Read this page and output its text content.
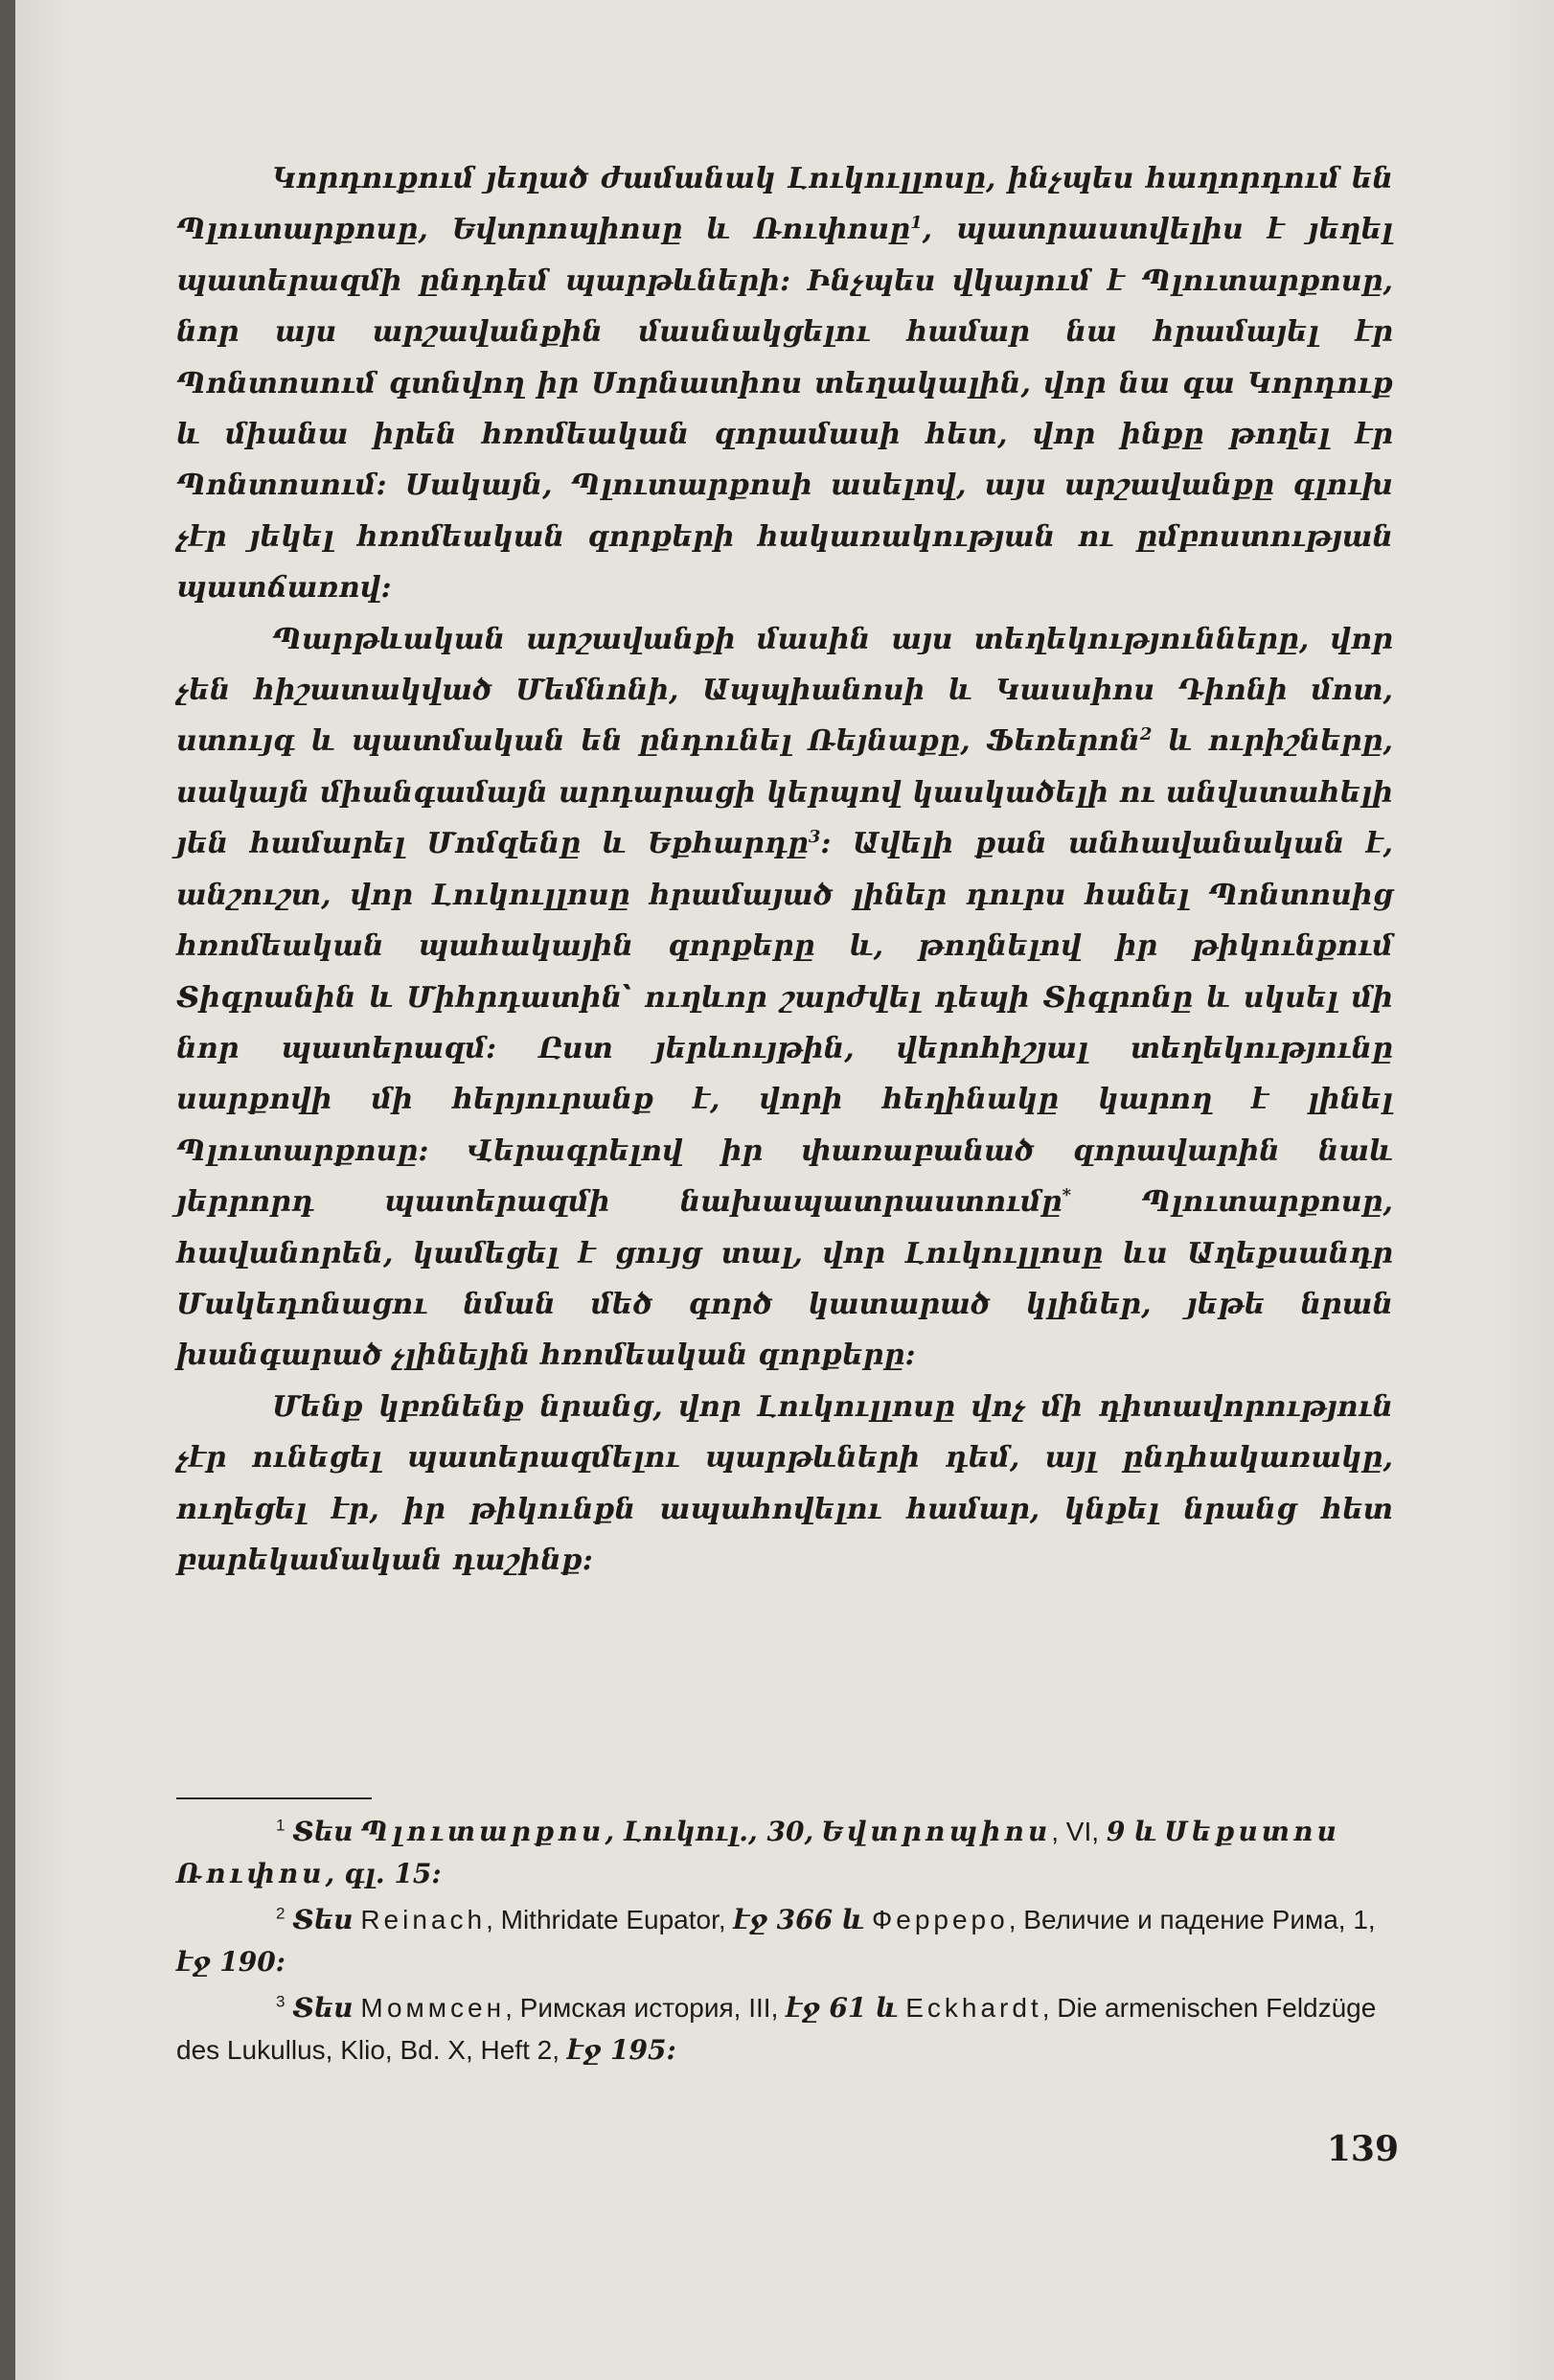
Կորդուքում յեղած ժամանակ Լուկուլլոսը, ինչպես հաղորդում են Պլուտարքոսը, Եվտրոպիոսը և Ռուփոսը$^1$, պատրաստվելիս է յեղել պատերազմի ընդդեմ պարթևների: Ինչպես վկայում է Պլուտարքոսը, նոր այս արշավանքին մասնակցելու համար նա հրամայել էր Պոնտոսում գտնվող իր Սորնատիոս տեղակալին, վոր նա գա Կորդուք և միանա իրեն հռոմեական զորամասի հետ, վոր ինքը թողել էր Պոնտոսում: Սակայն, Պլուտարքոսի ասելով, այս արշավանքը գլուխ չէր յեկել հռոմեական զորքերի հակառակության ու ըմբոստության պատճառով:

Պարթևական արշավանքի մասին այս տեղեկությունները, վոր չեն հիշատակված Մեմնոնի, Ապպիանոսի և Կասսիոս Դիոնի մոտ, ստույգ և պատմական են ընդունել Ռեյնաքը, Ֆեռերոն$^2$ և ուրիշները, սակայն միանգամայն արդարացի կերպով կասկածելի ու անվստահելի յեն համարել Մոմզենը և Եքհարդը$^3$: Ավելի քան անհավանական է, անշուշտ, վոր Լուկուլլոսը հրամայած լիներ դուրս հանել Պոնտոսից հռոմեական պահակային զորքերը և, թողնելով իր թիկունքում Տիգրանին և Միհրդատին՝ ուղևոր շարժվել դեպի Տիգրոնը և սկսել մի նոր պատերազմ: Ըստ յերևույթին, վերոհիշյալ տեղեկությունը սարքովի մի հերյուրանք է, վորի հեղինակը կարող է լինել Պլուտարքոսը: Վերագրելով իր փառաբանած զորավարին նաև յերրորդ պատերազմի նախապատրաստումը* Պլուտարքոսը, հավանորեն, կամեցել է ցույց տալ, վոր Լուկուլլոսը ևս Աղեքսանդր Մակեդոնացու նման մեծ գործ կատարած կլիներ, յեթե նրան խանգարած չլինեյին հռոմեական զորքերը:

Մենք կբռնենք նրանց, վոր Լուկուլլոսը վոչ մի դիտավորություն չէր ունեցել պատերազմելու պարթևների դեմ, այլ ընդհակառակը, ուղեցել էր, իր թիկունքն ապահովելու համար, կնքել նրանց հետ բարեկամական դաշինք:

$^1$ Տես Պլուտարքոս, Լուկուլ., 30, Եվտրոպիոս, VI, 9 և Սեքստոս Ռուփոս, գլ. 15:

$^2$ Տես Reinach, Mithridate Eupator, էջ 366 և Ферреро, Величие и падение Рима, 1, էջ 190:

$^3$ Տես Моммсен, Римская история, III, էջ 61 և Eckhardt, Die armenischen Feldzüge des Lukullus, Klio, Bd. X, Heft 2, էջ 195:

139
